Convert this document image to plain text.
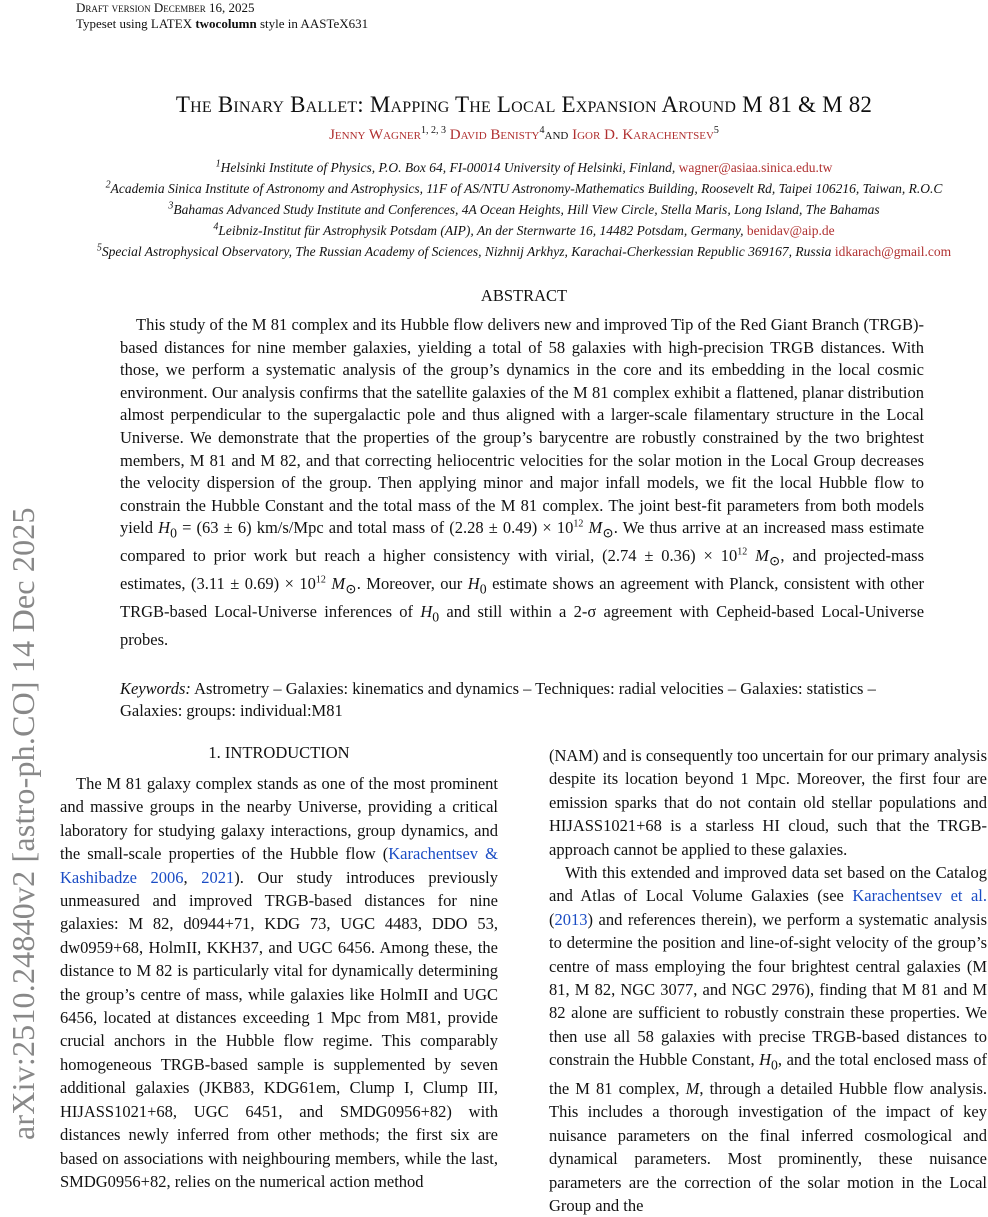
Draft version December 16, 2025
Typeset using LATEX twocolumn style in AASTeX631
arXiv:2510.24840v2 [astro-ph.CO] 14 Dec 2025
The Binary Ballet: Mapping The Local Expansion Around M 81 & M 82
Jenny Wagner$^{1, 2, 3}$ David Benisty$^4$and Igor D. Karachentsev$^5$
$^1$Helsinki Institute of Physics, P.O. Box 64, FI-00014 University of Helsinki, Finland, wagner@asiaa.sinica.edu.tw
$^2$Academia Sinica Institute of Astronomy and Astrophysics, 11F of AS/NTU Astronomy-Mathematics Building, Roosevelt Rd, Taipei 106216, Taiwan, R.O.C
$^3$Bahamas Advanced Study Institute and Conferences, 4A Ocean Heights, Hill View Circle, Stella Maris, Long Island, The Bahamas
$^4$Leibniz-Institut für Astrophysik Potsdam (AIP), An der Sternwarte 16, 14482 Potsdam, Germany, benidav@aip.de
$^5$Special Astrophysical Observatory, The Russian Academy of Sciences, Nizhnij Arkhyz, Karachai-Cherkessian Republic 369167, Russia idkarach@gmail.com
ABSTRACT

This study of the M 81 complex and its Hubble flow delivers new and improved Tip of the Red Giant Branch (TRGB)-based distances for nine member galaxies, yielding a total of 58 galaxies with high-precision TRGB distances. With those, we perform a systematic analysis of the group’s dynamics in the core and its embedding in the local cosmic environment. Our analysis confirms that the satellite galaxies of the M 81 complex exhibit a flattened, planar distribution almost perpendicular to the supergalactic pole and thus aligned with a larger-scale filamentary structure in the Local Universe. We demonstrate that the properties of the group’s barycentre are robustly constrained by the two brightest members, M 81 and M 82, and that correcting heliocentric velocities for the solar motion in the Local Group decreases the velocity dispersion of the group. Then applying minor and major infall models, we fit the local Hubble flow to constrain the Hubble Constant and the total mass of the M 81 complex. The joint best-fit parameters from both models yield $H_0 = (63 \pm 6)$ km/s/Mpc and total mass of $(2.28 \pm 0.49) \times 10^{12}$ $M_⊙$. We thus arrive at an increased mass estimate compared to prior work but reach a higher consistency with virial, $(2.74 \pm 0.36) \times 10^{12}$ $M_⊙$, and projected-mass estimates, $(3.11 \pm 0.69) \times 10^{12}$ $M_⊙$. Moreover, our $H_0$ estimate shows an agreement with Planck, consistent with other TRGB-based Local-Universe inferences of $H_0$ and still within a 2-σ agreement with Cepheid-based Local-Universe probes.

Keywords: Astrometry – Galaxies: kinematics and dynamics – Techniques: radial velocities – Galaxies: statistics – Galaxies: groups: individual:M81
1. INTRODUCTION

The M 81 galaxy complex stands as one of the most prominent and massive groups in the nearby Universe, providing a critical laboratory for studying galaxy interactions, group dynamics, and the small-scale properties of the Hubble flow (Karachentsev & Kashibadze 2006, 2021). Our study introduces previously unmeasured and improved TRGB-based distances for nine galaxies: M 82, d0944+71, KDG 73, UGC 4483, DDO 53, dw0959+68, HolmII, KKH37, and UGC 6456. Among these, the distance to M 82 is particularly vital for dynamically determining the group’s centre of mass, while galaxies like HolmII and UGC 6456, located at distances exceeding 1 Mpc from M81, provide crucial anchors in the Hubble flow regime. This comparably homogeneous TRGB-based sample is supplemented by seven additional galaxies (JKB83, KDG61em, Clump I, Clump III, HIJASS1021+68, UGC 6451, and SMDG0956+82) with distances newly inferred from other methods; the first six are based on associations with neighbouring members, while the last, SMDG0956+82, relies on the numerical action method

(NAM) and is consequently too uncertain for our primary analysis despite its location beyond 1 Mpc. Moreover, the first four are emission sparks that do not contain old stellar populations and HIJASS1021+68 is a starless HI cloud, such that the TRGB-approach cannot be applied to these galaxies.

With this extended and improved data set based on the Catalog and Atlas of Local Volume Galaxies (see Karachentsev et al. (2013) and references therein), we perform a systematic analysis to determine the position and line-of-sight velocity of the group’s centre of mass employing the four brightest central galaxies (M 81, M 82, NGC 3077, and NGC 2976), finding that M 81 and M 82 alone are sufficient to robustly constrain these properties. We then use all 58 galaxies with precise TRGB-based distances to constrain the Hubble Constant, $H_0$, and the total enclosed mass of the M 81 complex, M, through a detailed Hubble flow analysis. This includes a thorough investigation of the impact of key nuisance parameters on the final inferred cosmological and dynamical parameters. Most prominently, these nuisance parameters are the correction of the solar motion in the Local Group and the
